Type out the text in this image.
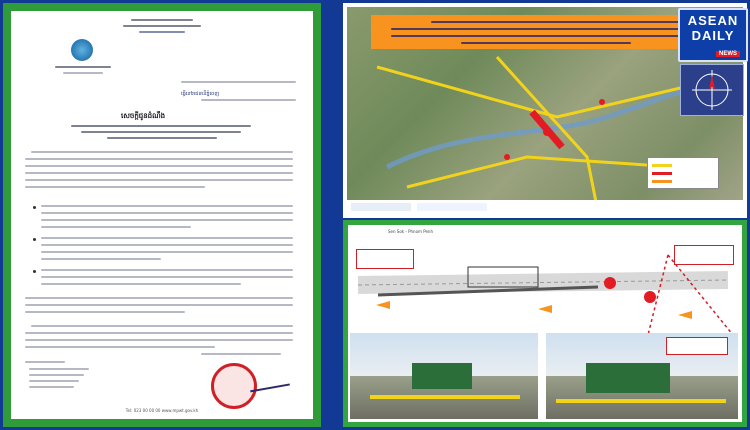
ធ្វើនៅរាជធានីភ្នំពេញ
សេចក្តីជូនដំណឹង
Tel: 023 00 00 00 www.mpwt.gov.kh
ASEAN
DAILY
NEWS
Sen Sok - Phnom Penh
